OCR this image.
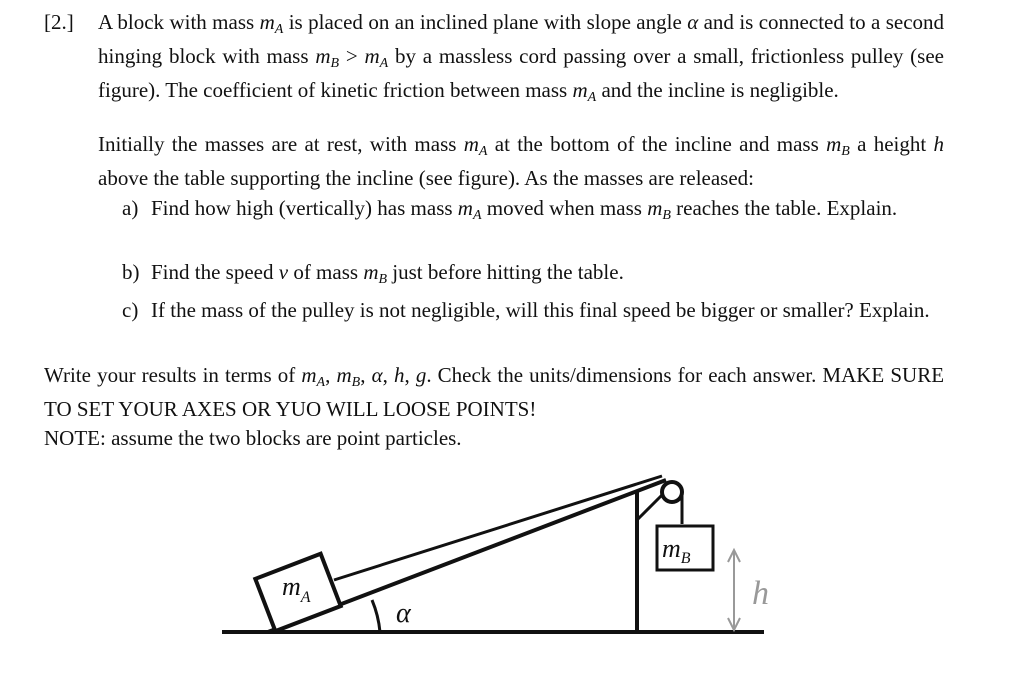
[2.] A block with mass $m_A$ is placed on an inclined plane with slope angle α and is connected to a second hinging block with mass $m_B > m_A$ by a massless cord passing over a small, frictionless pulley (see figure). The coefficient of kinetic friction between mass $m_A$ and the incline is negligible.

Initially the masses are at rest, with mass $m_A$ at the bottom of the incline and mass $m_B$ a height h above the table supporting the incline (see figure). As the masses are released:

a) Find how high (vertically) has mass $m_A$ moved when mass $m_B$ reaches the table. Explain.
b) Find the speed v of mass $m_B$ just before hitting the table.
c) If the mass of the pulley is not negligible, will this final speed be bigger or smaller? Explain.

Write your results in terms of $m_A$, $m_B$, α, h, g. Check the units/dimensions for each answer. MAKE SURE TO SET YOUR AXES OR YUO WILL LOOSE POINTS!

NOTE: assume the two blocks are point particles.

$m_A$
α
$m_B$
h
